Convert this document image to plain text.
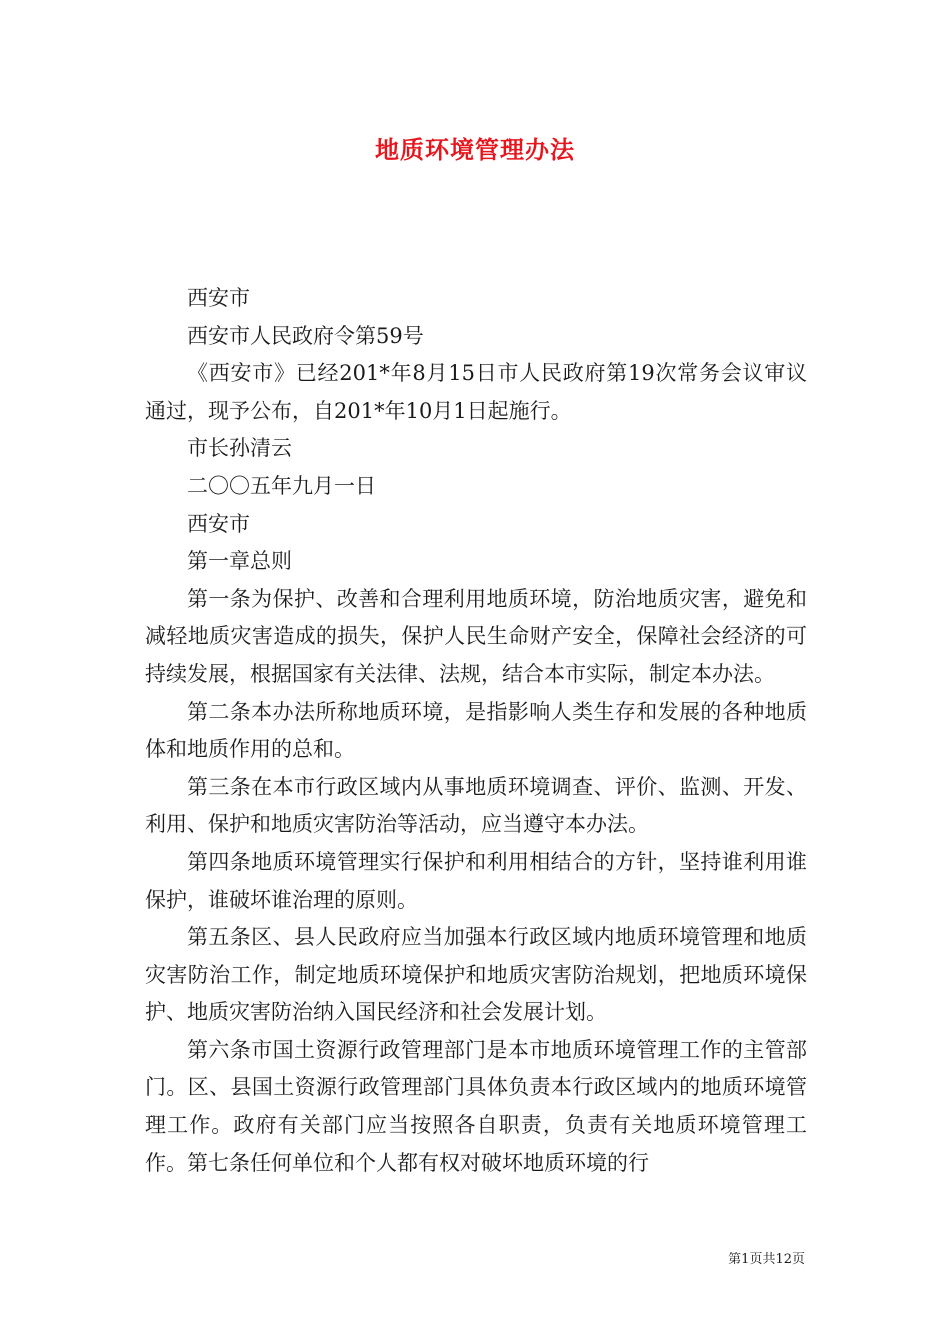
地质环境管理办法

西安市

西安市人民政府令第59号

《西安市》已经201*年8月15日市人民政府第19次常务会议审议通过，现予公布，自201*年10月1日起施行。

市长孙清云

二〇〇五年九月一日

西安市

第一章总则

第一条为保护、改善和合理利用地质环境，防治地质灾害，避免和减轻地质灾害造成的损失，保护人民生命财产安全，保障社会经济的可持续发展，根据国家有关法律、法规，结合本市实际，制定本办法。

第二条本办法所称地质环境，是指影响人类生存和发展的各种地质体和地质作用的总和。

第三条在本市行政区域内从事地质环境调查、评价、监测、开发、利用、保护和地质灾害防治等活动，应当遵守本办法。

第四条地质环境管理实行保护和利用相结合的方针，坚持谁利用谁保护，谁破坏谁治理的原则。

第五条区、县人民政府应当加强本行政区域内地质环境管理和地质灾害防治工作，制定地质环境保护和地质灾害防治规划，把地质环境保护、地质灾害防治纳入国民经济和社会发展计划。

第六条市国土资源行政管理部门是本市地质环境管理工作的主管部门。区、县国土资源行政管理部门具体负责本行政区域内的地质环境管理工作。政府有关部门应当按照各自职责，负责有关地质环境管理工作。第七条任何单位和个人都有权对破坏地质环境的行

第1页共12页
